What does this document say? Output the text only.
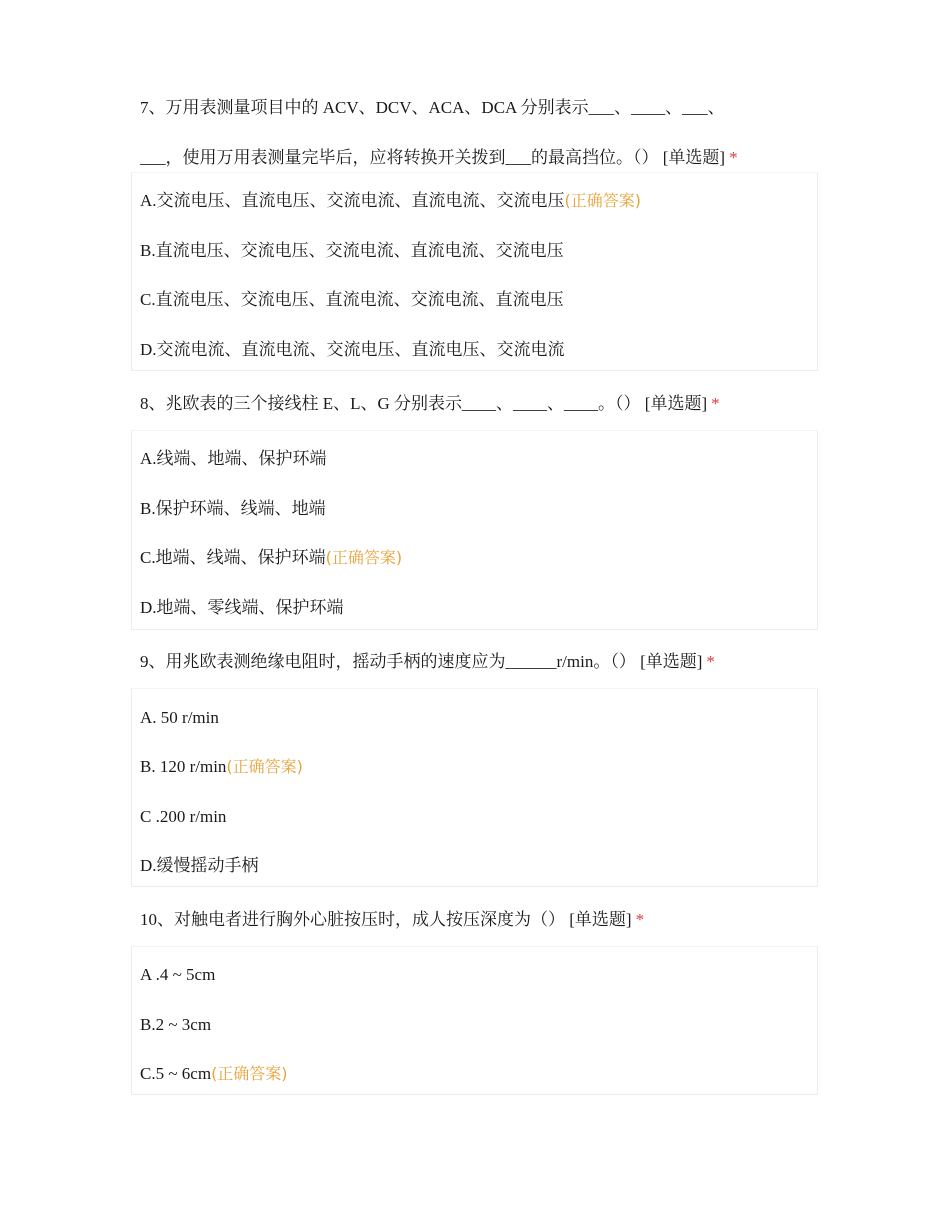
7、万用表测量项目中的 ACV、DCV、ACA、DCA 分别表示___、____、___、
___，使用万用表测量完毕后，应将转换开关拨到___的最高挡位。（） [单选题] *
A.交流电压、直流电压、交流电流、直流电流、交流电压(正确答案)
B.直流电压、交流电压、交流电流、直流电流、交流电压
C.直流电压、交流电压、直流电流、交流电流、直流电压
D.交流电流、直流电流、交流电压、直流电压、交流电流
8、兆欧表的三个接线柱 E、L、G 分别表示____、____、____。（） [单选题] *
A.线端、地端、保护环端
B.保护环端、线端、地端
C.地端、线端、保护环端(正确答案)
D.地端、零线端、保护环端
9、用兆欧表测绝缘电阻时，摇动手柄的速度应为______r/min。（） [单选题] *
A. 50 r/min
B. 120 r/min(正确答案)
C .200 r/min
D.缓慢摇动手柄
10、对触电者进行胸外心脏按压时，成人按压深度为（） [单选题] *
A .4 ~ 5cm
B.2 ~ 3cm
C.5 ~ 6cm(正确答案)
